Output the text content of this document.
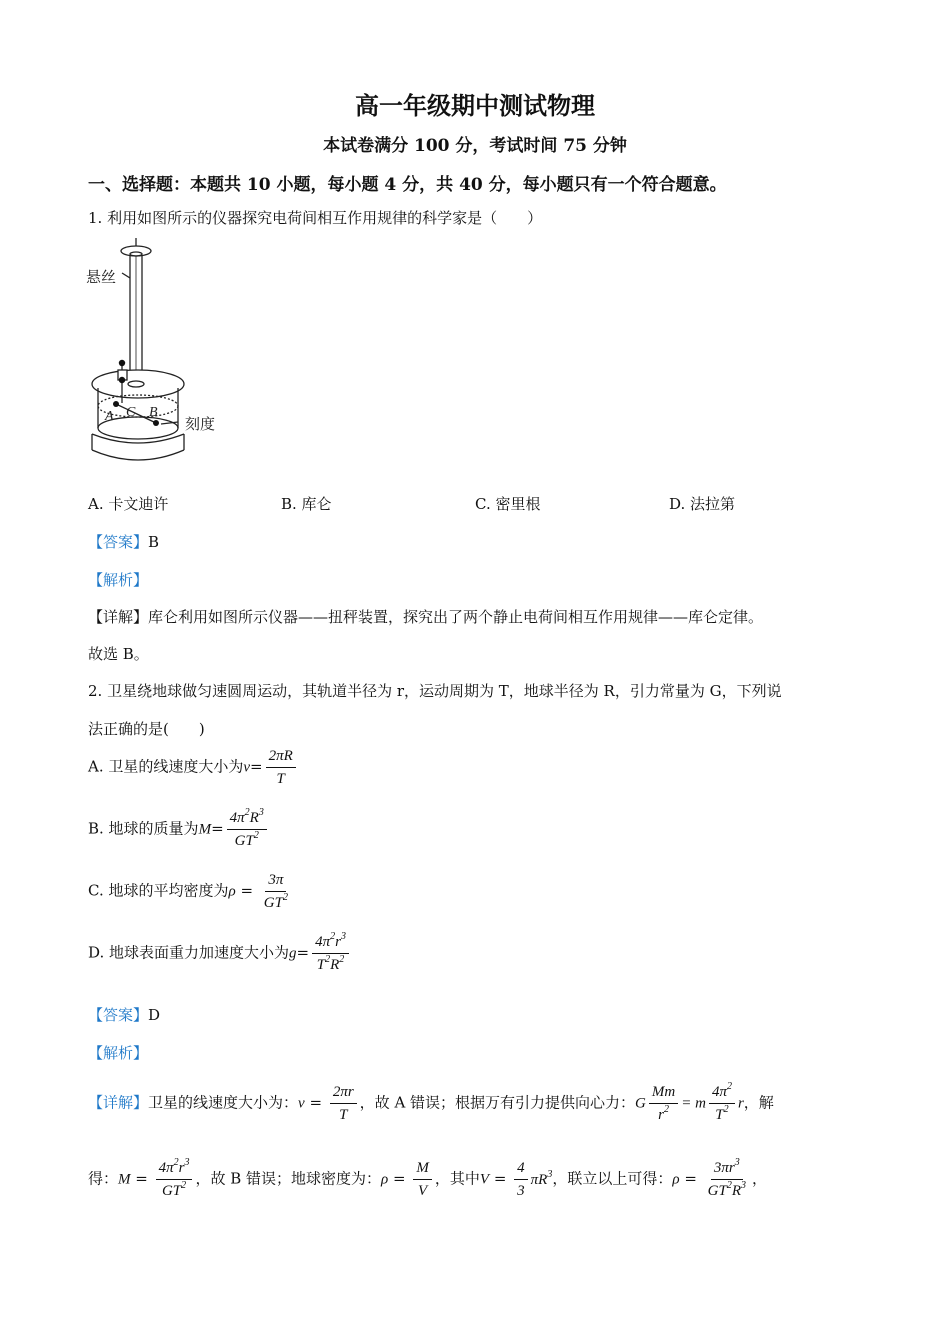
高一年级期中测试物理
本试卷满分 100 分，考试时间 75 分钟
一、选择题：本题共 10 小题，每小题 4 分，共 40 分，每小题只有一个符合题意。
1. 利用如图所示的仪器探究电荷间相互作用规律的科学家是（　　）
悬丝
刻度
A C B
A. 卡文迪许	B. 库仑	C. 密里根	D. 法拉第
【答案】B
【解析】
【详解】库仑利用如图所示仪器——扭秤装置，探究出了两个静止电荷间相互作用规律——库仑定律。
故选 B。
2. 卫星绕地球做匀速圆周运动，其轨道半径为 r，运动周期为 T，地球半径为 R，引力常量为 G，下列说
法正确的是(　　)
A. 卫星的线速度大小为$v= \frac{2\pi R}{T}$
B. 地球的质量为$M= \frac{4\pi^2R^3}{GT^2}$
C. 地球的平均密度为$\rho = \frac{3\pi}{GT^2}$
D. 地球表面重力加速度大小为$g= \frac{4\pi^2r^3}{T^2R^2}$
【答案】D
【解析】
【详解】卫星的线速度大小为：$v = \frac{2\pi r}{T}$ ，故 A 错误；根据万有引力提供向心力：G $\frac{Mm}{r^2} = m \frac{4\pi^2}{T^2}$ r，解
得：$M = \frac{4\pi^2r^3}{GT^2}$ ，故 B 错误；地球密度为：$\rho = \frac{M}{V}$ ，其中$V = \frac{4}{3} \pi R^3$，联立以上可得：$\rho = \frac{3\pi r^3}{GT^2R^3}$ ，
